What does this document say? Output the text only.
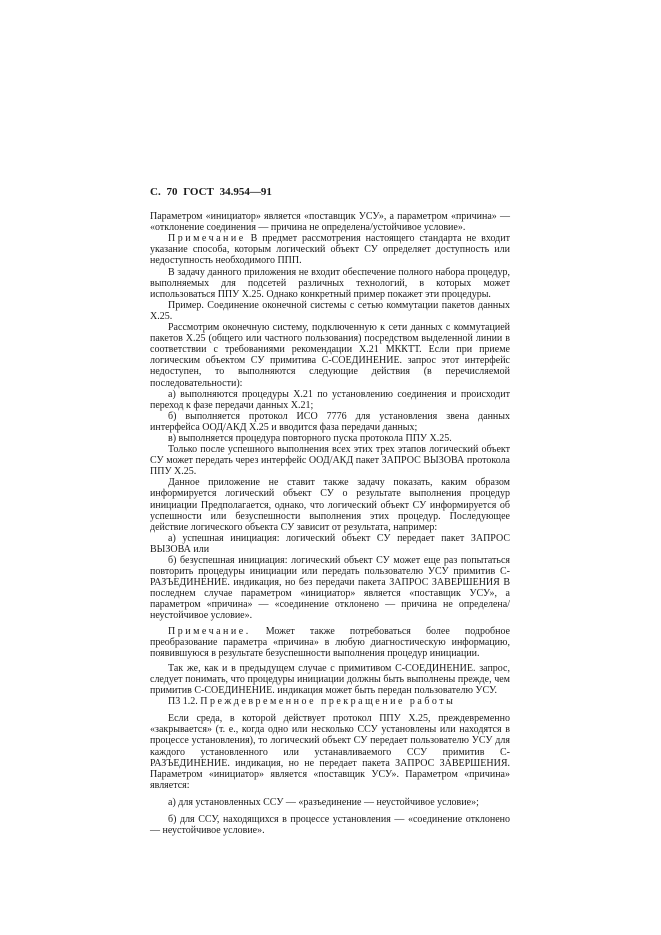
С. 70 ГОСТ 34.954—91

Параметром «инициатор» является «поставщик УСУ», а параметром «причина» — «отклонение соединения — причина не определена/устойчивое условие».

Примечание В предмет рассмотрения настоящего стандарта не входит указание способа, которым логический объект СУ определяет доступность или недоступность необходимого ППП.

В задачу данного приложения не входит обеспечение полного набора процедур, выполняемых для подсетей различных технологий, в которых может использоваться ППУ X.25. Однако конкретный пример покажет эти процедуры.

Пример. Соединение оконечной системы с сетью коммутации пакетов данных X.25.

Рассмотрим оконечную систему, подключенную к сети данных с коммутацией пакетов X.25 (общего или частного пользования) посредством выделенной линии в соответствии с требованиями рекомендации X.21 МККТТ. Если при приеме логическим объектом СУ примитива С-СОЕДИНЕНИЕ. запрос этот интерфейс недоступен, то выполняются следующие действия (в перечисляемой последовательности):

а) выполняются процедуры X.21 по установлению соединения и происходит переход к фазе передачи данных X.21;

б) выполняется протокол ИСО 7776 для установления звена данных интерфейса ООД/АКД X.25 и вводится фаза передачи данных;

в) выполняется процедура повторного пуска протокола ППУ X.25.

Только после успешного выполнения всех этих трех этапов логический объект СУ может передать через интерфейс ООД/АКД пакет ЗАПРОС ВЫЗОВА протокола ППУ X.25.

Данное приложение не ставит также задачу показать, каким образом информируется логический объект СУ о результате выполнения процедур инициации Предполагается, однако, что логический объект СУ информируется об успешности или безуспешности выполнения этих процедур. Последующее действие логического объекта СУ зависит от результата, например:

а) успешная инициация: логический объект СУ передает пакет ЗАПРОС ВЫЗОВА или

б) безуспешная инициация: логический объект СУ может еще раз попытаться повторить процедуры инициации или передать пользователю УСУ примитив С-РАЗЪЕДИНЕНИЕ. индикация, но без передачи пакета ЗАПРОС ЗАВЕРШЕНИЯ В последнем случае параметром «инициатор» является «поставщик УСУ», а параметром «причина» — «соединение отклонено — причина не определена/неустойчивое условие».

Примечание. Может также потребоваться более подробное преобразование параметра «причина» в любую диагностическую информацию, появившуюся в результате безуспешности выполнения процедур инициации.

Так же, как и в предыдущем случае с примитивом С-СОЕДИНЕНИЕ. запрос, следует понимать, что процедуры инициации должны быть выполнены прежде, чем примитив С-СОЕДИНЕНИЕ. индикация может быть передан пользователю УСУ.

П3 1.2. Преждевременное прекращение работы

Если среда, в которой действует протокол ППУ X.25, преждевременно «закрывается» (т. е., когда одно или несколько ССУ установлены или находятся в процессе установления), то логический объект СУ передает пользователю УСУ для каждого установленного или устанавливаемого ССУ примитив С-РАЗЪЕДИНЕНИЕ. индикация, но не передает пакета ЗАПРОС ЗАВЕРШЕНИЯ. Параметром «инициатор» является «поставщик УСУ». Параметром «причина» является:

а) для установленных ССУ — «разъединение — неустойчивое условие»;

б) для ССУ, находящихся в процессе установления — «соединение отклонено — неустойчивое условие».
